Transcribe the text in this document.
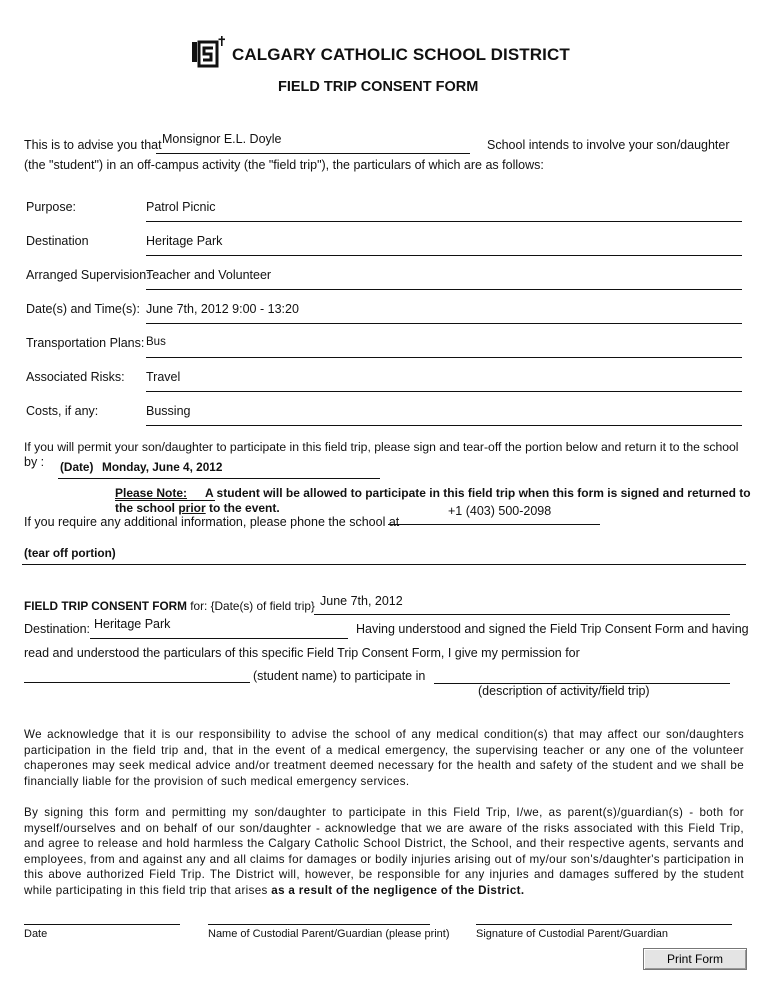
CALGARY CATHOLIC SCHOOL DISTRICT
FIELD TRIP CONSENT FORM
This is to advise you that Monsignor E.L. Doyle	School intends to involve your son/daughter
(the "student") in an off-campus activity (the "field trip"), the particulars of which are as follows:
Purpose:	Patrol Picnic
Destination	Heritage Park
Arranged Supervision:
Teacher and Volunteer
Date(s) and Time(s): June 7th, 2012 9:00 - 13:20
Transportation Plans: Bus
Associated Risks: Travel
Costs, if any:	Bussing
If you will permit your son/daughter to participate in this field trip, please sign and tear-off the portion below and return it to the school
by : (Date) Monday, June 4, 2012
Please Note: A student will be allowed to participate in this field trip when this form is signed and returned to
the school prior to the event.
If you require any additional information, please phone the school at
+1 (403) 500-2098
(tear off portion)
FIELD TRIP CONSENT FORM for: {Date(s) of field trip} June 7th, 2012
Destination: Heritage Park	Having understood and signed the Field Trip Consent Form and having
read and understood the particulars of this specific Field Trip Consent Form, I give my permission for
(student name) to participate in
(description of activity/field trip)
We acknowledge that it is our responsibility to advise the school of any medical condition(s) that may affect our son/daughters participation in the field trip and, that in the event of a medical emergency, the supervising teacher or any one of the volunteer chaperones may seek medical advice and/or treatment deemed necessary for the health and safety of the student and we shall be financially liable for the provision of such medical emergency services.
By signing this form and permitting my son/daughter to participate in this Field Trip, I/we, as parent(s)/guardian(s) - both for myself/ourselves and on behalf of our son/daughter - acknowledge that we are aware of the risks associated with this Field Trip, and agree to release and hold harmless the Calgary Catholic School District, the School, and their respective agents, servants and employees, from and against any and all claims for damages or bodily injuries arising out of my/our son's/daughter's participation in this above authorized Field Trip. The District will, however, be responsible for any injuries and damages suffered by the student while participating in this field trip that arises as a result of the negligence of the District.
Date	Name of Custodial Parent/Guardian (please print) Signature of Custodial Parent/Guardian
Print Form
